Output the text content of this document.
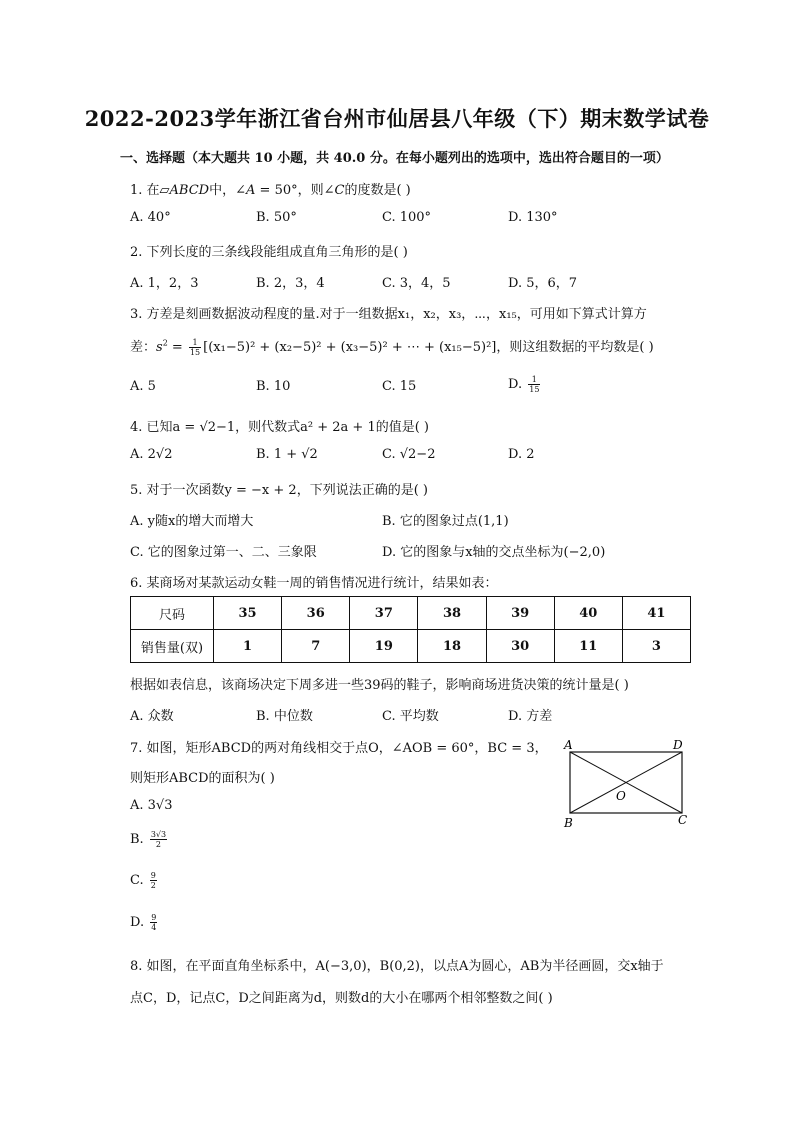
2022-2023学年浙江省台州市仙居县八年级（下）期末数学试卷
一、选择题（本大题共 10 小题，共 40.0 分。在每小题列出的选项中，选出符合题目的一项）
1. 在▱ABCD中，∠A = 50°，则∠C的度数是( )
A. 40°	B. 50°	C. 100°	D. 130°
2. 下列长度的三条线段能组成直角三角形的是( )
A. 1，2，3	B. 2，3，4	C. 3，4，5	D. 5，6，7
3. 方差是刻画数据波动程度的量.对于一组数据x₁，x₂，x₃，⋯，x₁₅，可用如下算式计算方
差：$s^2 = \frac{1}{15} [(x_1-5)^2 + (x_2-5)^2 + (x_3-5)^2$ + ⋯ + (x₁₅−5)²]，则这组数据的平均数是( )
A. 5	B. 10	C. 15	D. $\frac{1}{15}$
4. 已知a = √2−1，则代数式a² + 2a + 1的值是( )
A. 2√2	B. 1 + √2	C. √2−2	D. 2
5. 对于一次函数y = −x + 2，下列说法正确的是( )
A. y随x的增大而增大	B. 它的图象过点(1,1)
C. 它的图象过第一、二、三象限	D. 它的图象与x轴的交点坐标为(−2,0)
6. 某商场对某款运动女鞋一周的销售情况进行统计，结果如表：
尺码	35	36	37	38	39	40	41
销售量(双)	1	7	19	18	30	11	3
根据如表信息，该商场决定下周多进一些39码的鞋子，影响商场进货决策的统计量是( )
A. 众数	B. 中位数	C. 平均数	D. 方差
7. 如图，矩形ABCD的两对角线相交于点O，∠AOB = 60°，BC = 3，
则矩形ABCD的面积为( )
A. 3√3
B. $\frac{3√3}{2}$
C. $\frac{9}{2}$
D. $\frac{9}{4}$
A	D
B	C
O
8. 如图，在平面直角坐标系中，A(−3,0)，B(0,2)，以点A为圆心，AB为半径画圆，交x轴于
点C，D，记点C，D之间距离为d，则数d的大小在哪两个相邻整数之间( )
